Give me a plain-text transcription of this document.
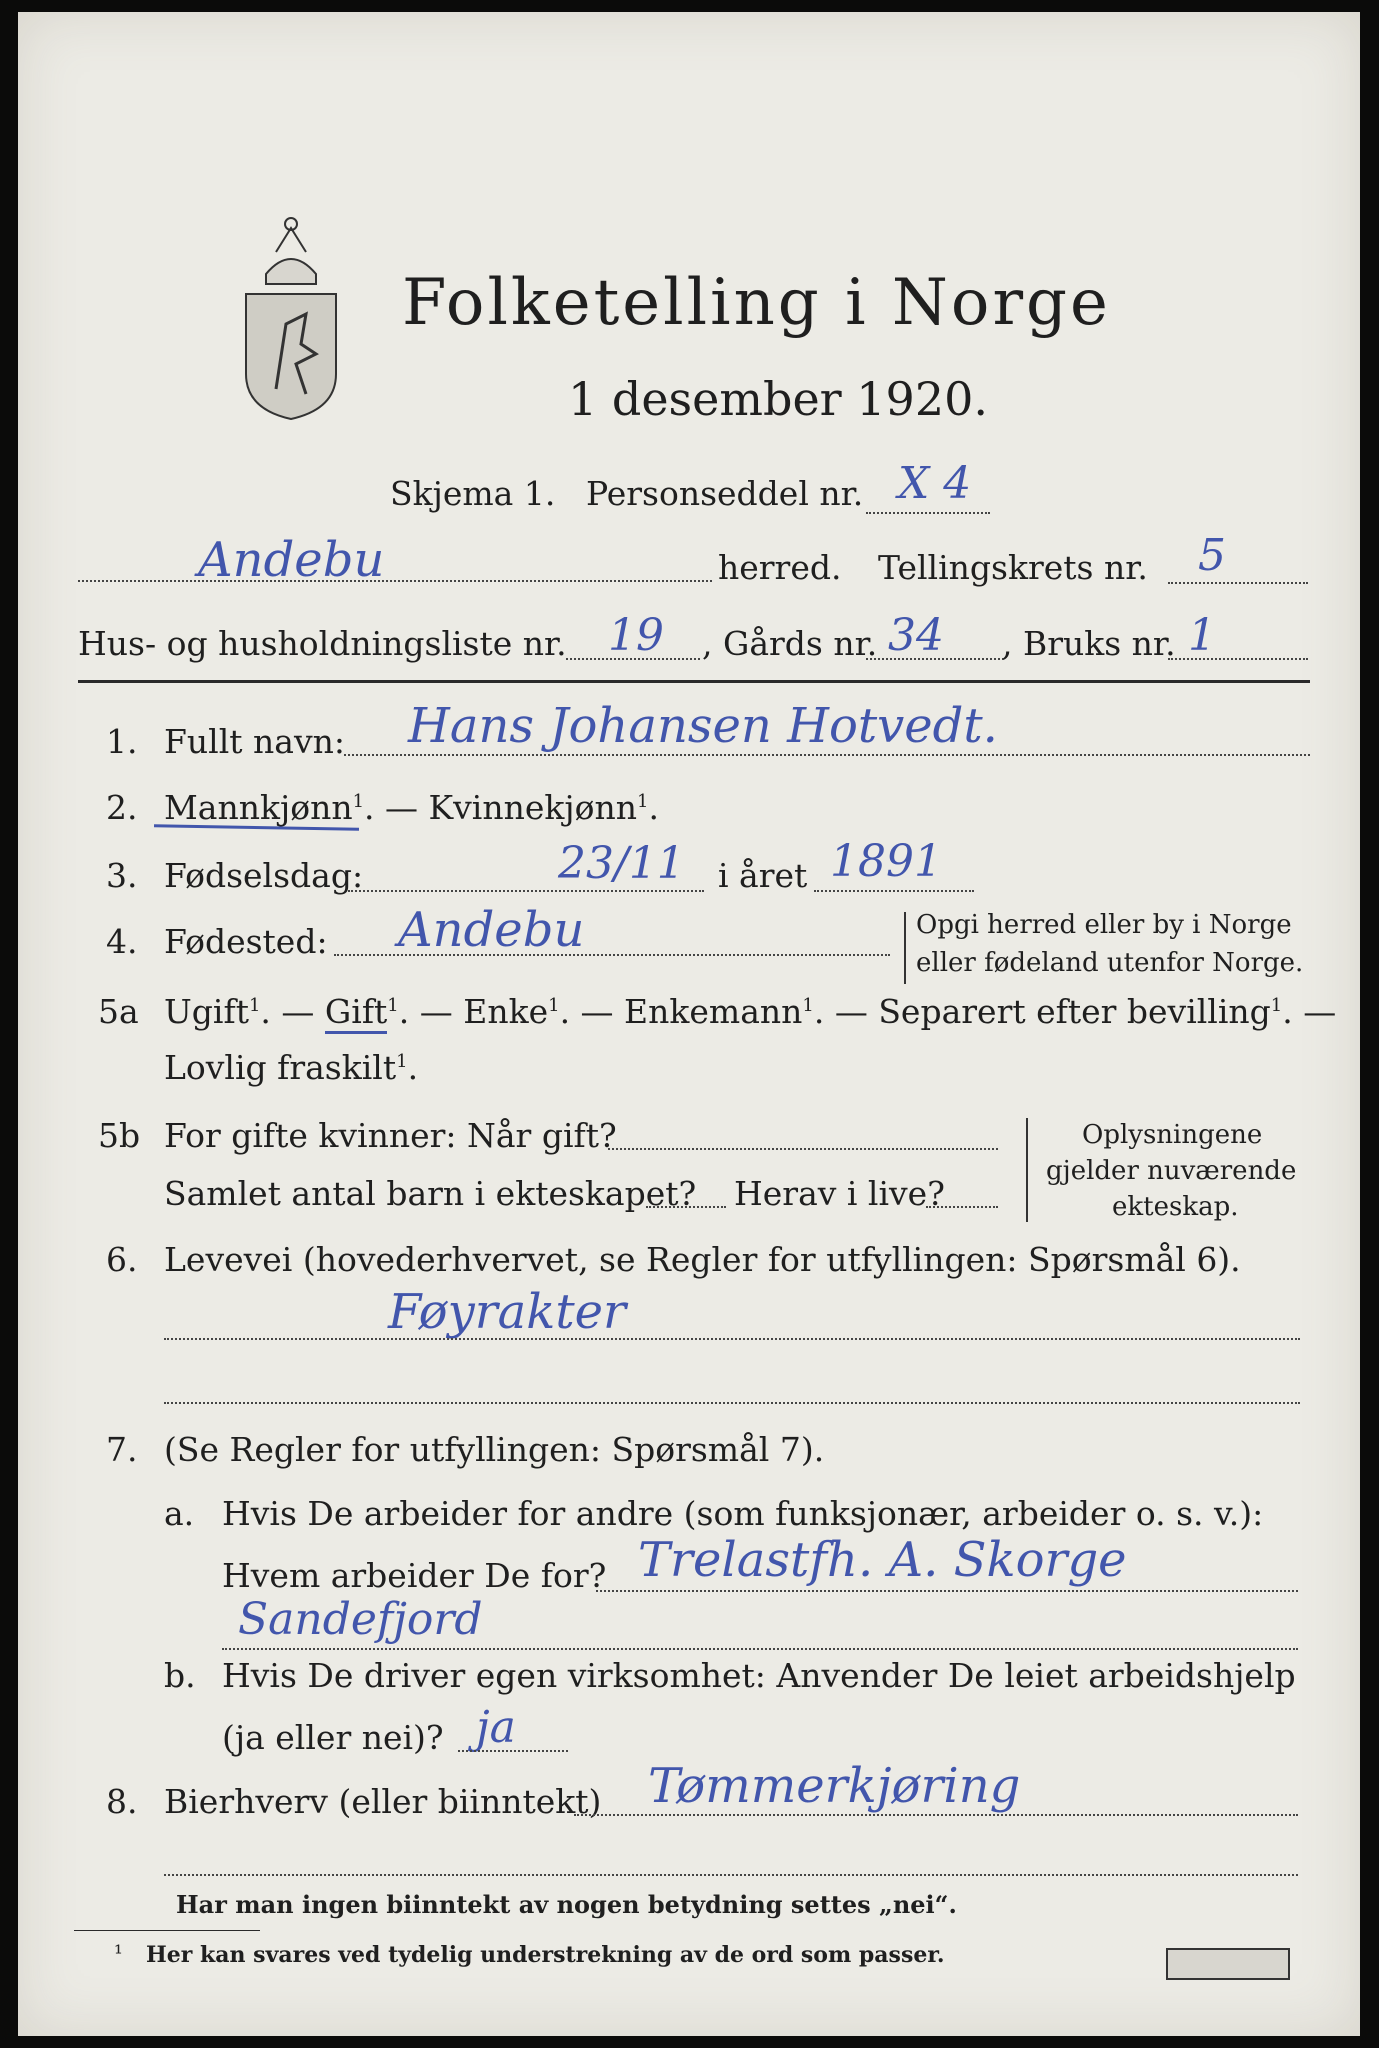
Folketelling i Norge
1 desember 1920.
Skjema 1. Personseddel nr. X 4
Andebu	herred. Tellingskrets nr. 5
Hus- og husholdningsliste nr. 19 , Gårds nr. 34 , Bruks nr. 1
1. Fullt navn: Hans Johansen Hotvedt.
2. Mannkjønn$^1$. — Kvinnekjønn$^1$.
3. Fødselsdag:	23/11 i året 1891
4. Fødested: Andebu	Opgi herred eller by i Norge
eller fødeland utenfor Norge.
5a Ugift$^1$. — Gift$^1$. — Enke$^1$. — Enkemann$^1$. — Separert efter bevilling$^1$. —
Lovlig fraskilt$^1$.
5b For gifte kvinner: Når gift?
Samlet antal barn i ekteskapet? Herav i live?
Oplysningene
gjelder nuværende
ekteskap.
6. Levevei (hovederhvervet, se Regler for utfyllingen: Spørsmål 6).
Føyrakter
7. (Se Regler for utfyllingen: Spørsmål 7).
a. Hvis De arbeider for andre (som funksjonær, arbeider o. s. v.):
Hvem arbeider De for? Trelastfh. A. Skorge
Sandefjord
b. Hvis De driver egen virksomhet: Anvender De leiet arbeidshjelp
(ja eller nei)? ja
8. Bierhverv (eller biinntekt) Tømmerkjøring
Har man ingen biinntekt av nogen betydning settes „nei“.
¹ Her kan svares ved tydelig understrekning av de ord som passer.
